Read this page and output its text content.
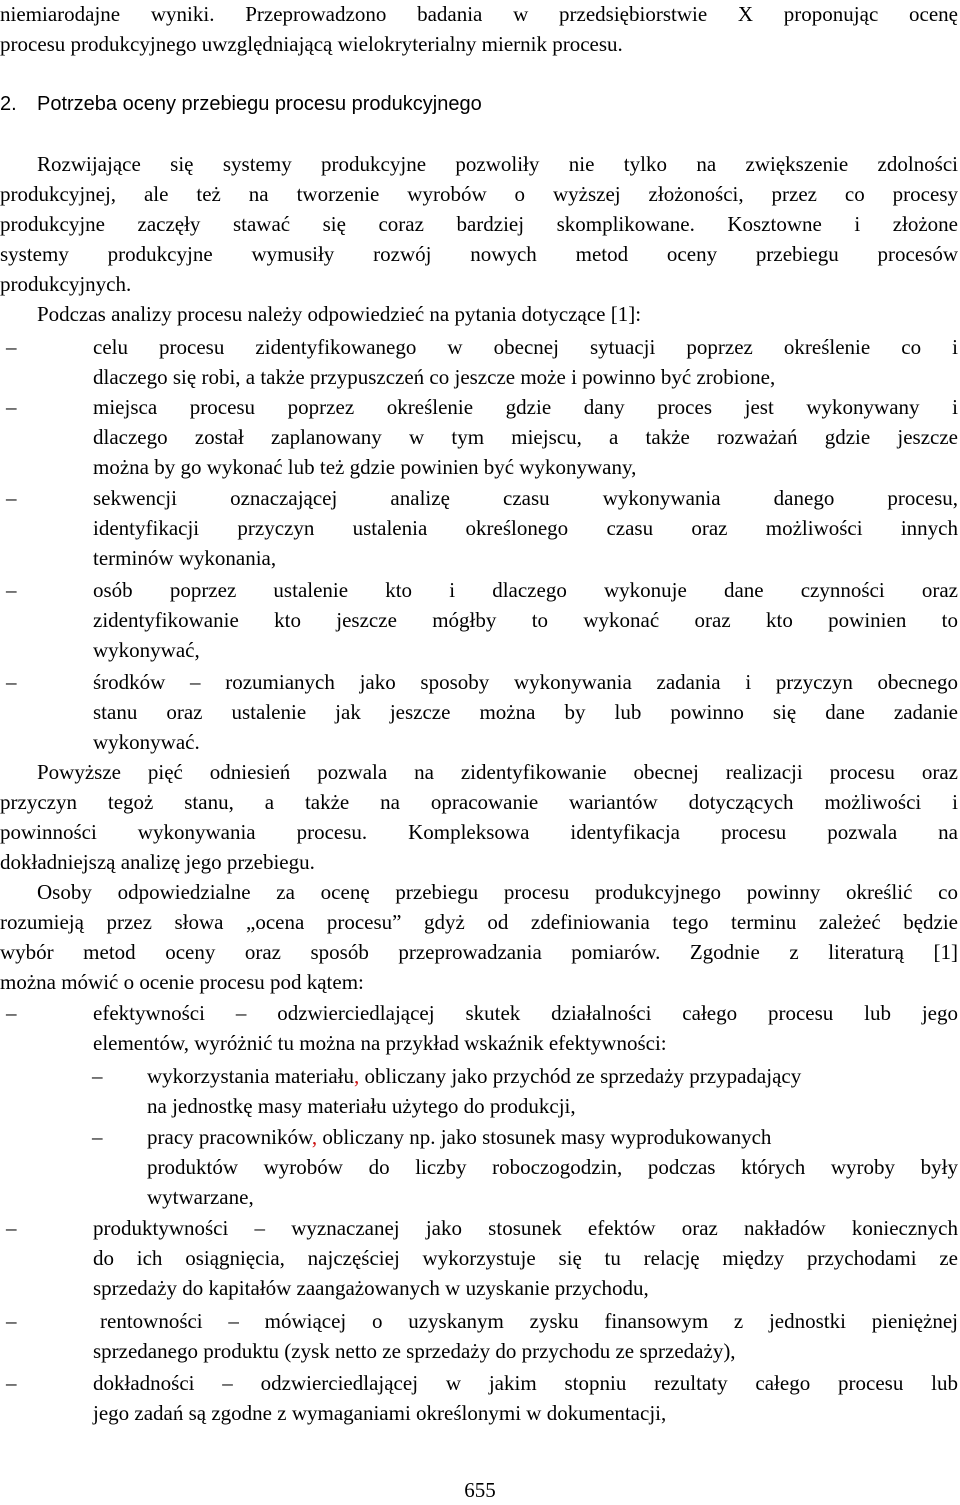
niemiarodajne wyniki. Przeprowadzono badania w przedsiębiorstwie X proponując ocenę
procesu produkcyjnego uwzględniającą wielokryterialny miernik procesu.
2. Potrzeba oceny przebiegu procesu produkcyjnego
Rozwijające się systemy produkcyjne pozwoliły nie tylko na zwiększenie zdolności
produkcyjnej, ale też na tworzenie wyrobów o wyższej złożoności, przez co procesy
produkcyjne zaczęły stawać się coraz bardziej skomplikowane. Kosztowne i złożone
systemy produkcyjne wymusiły rozwój nowych metod oceny przebiegu procesów
produkcyjnych.
Podczas analizy procesu należy odpowiedzieć na pytania dotyczące [1]:
–	celu procesu zidentyfikowanego w obecnej sytuacji poprzez określenie co i
dlaczego się robi, a także przypuszczeń co jeszcze może i powinno być zrobione,
–	miejsca procesu poprzez określenie gdzie dany proces jest wykonywany i
dlaczego został zaplanowany w tym miejscu, a także rozważań gdzie jeszcze
można by go wykonać lub też gdzie powinien być wykonywany,
–	sekwencji oznaczającej analizę czasu wykonywania danego procesu,
identyfikacji przyczyn ustalenia określonego czasu oraz możliwości innych
terminów wykonania,
–	osób poprzez ustalenie kto i dlaczego wykonuje dane czynności oraz
zidentyfikowanie kto jeszcze mógłby to wykonać oraz kto powinien to
wykonywać,
–	środków – rozumianych jako sposoby wykonywania zadania i przyczyn obecnego
stanu oraz ustalenie jak jeszcze można by lub powinno się dane zadanie
wykonywać.
Powyższe pięć odniesień pozwala na zidentyfikowanie obecnej realizacji procesu oraz
przyczyn tegoż stanu, a także na opracowanie wariantów dotyczących możliwości i
powinności wykonywania procesu. Kompleksowa identyfikacja procesu pozwala na
dokładniejszą analizę jego przebiegu.
Osoby odpowiedzialne za ocenę przebiegu procesu produkcyjnego powinny określić co
rozumieją przez słowa „ocena procesu” gdyż od zdefiniowania tego terminu zależeć będzie
wybór metod oceny oraz sposób przeprowadzania pomiarów. Zgodnie z literaturą [1]
można mówić o ocenie procesu pod kątem:
–	efektywności – odzwierciedlającej skutek działalności całego procesu lub jego
elementów, wyróżnić tu można na przykład wskaźnik efektywności:
–	wykorzystania materiału, obliczany jako przychód ze sprzedaży przypadający
na jednostkę masy materiału użytego do produkcji,
–	pracy pracowników, obliczany np. jako stosunek masy wyprodukowanych
produktów wyrobów do liczby roboczogodzin, podczas których wyroby były
wytwarzane,
–	produktywności – wyznaczanej jako stosunek efektów oraz nakładów koniecznych
do ich osiągnięcia, najczęściej wykorzystuje się tu relację między przychodami ze
sprzedaży do kapitałów zaangażowanych w uzyskanie przychodu,
–	rentowności – mówiącej o uzyskanym zysku finansowym z jednostki pieniężnej
sprzedanego produktu (zysk netto ze sprzedaży do przychodu ze sprzedaży),
–	dokładności – odzwierciedlającej w jakim stopniu rezultaty całego procesu lub
jego zadań są zgodne z wymaganiami określonymi w dokumentacji,
655
